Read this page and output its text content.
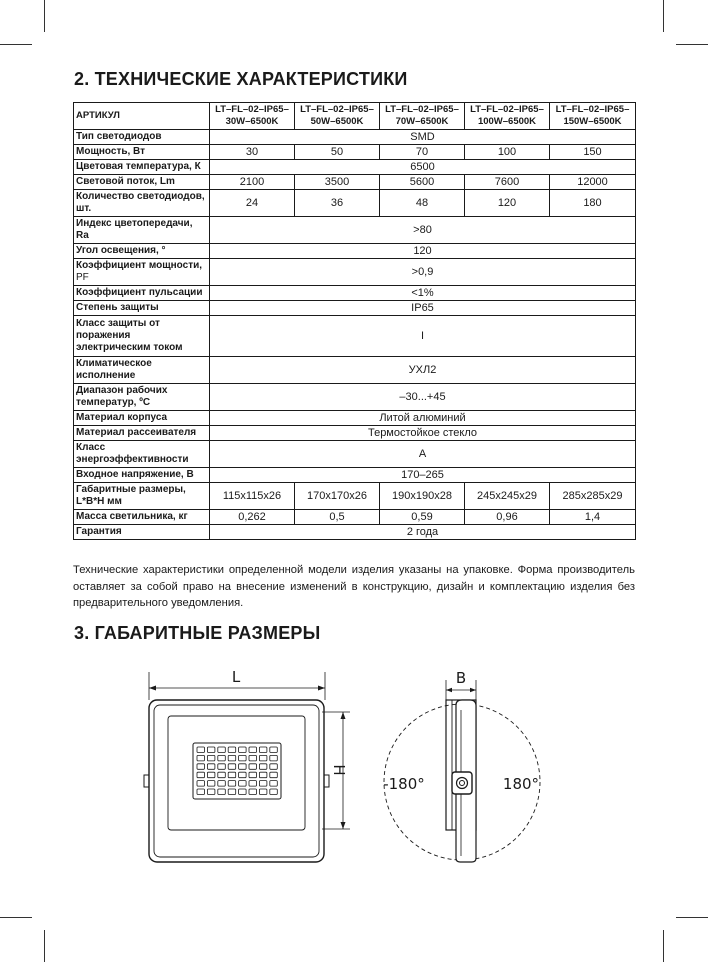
2. ТЕХНИЧЕСКИЕ ХАРАКТЕРИСТИКИ
АРТИКУЛ	LT–FL–02–IP65–30W–6500K	LT–FL–02–IP65–50W–6500K	LT–FL–02–IP65–70W–6500K	LT–FL–02–IP65–100W–6500K	LT–FL–02–IP65–150W–6500K
Тип светодиодов	SMD				
Мощность, Вт	30	50	70	100	150
Цветовая температура, К	6500				
Световой поток, Lm	2100	3500	5600	7600	12000
Количество светодиодов, шт.	24	36	48	120	180
Индекс цветопередачи, Ra	>80				
Угол освещения, °	120				
Коэффициент мощности, PF	>0,9				
Коэффициент пульсации	<1%				
Степень защиты	IP65				
Класс защиты от поражения электрическим током	I				
Климатическое исполнение	УХЛ2				
Диапазон рабочих температур, ºС	–30...+45				
Материал корпуса	Литой алюминий				
Материал рассеивателя	Термостойкое стекло				
Класс энергоэффективности	A				
Входное напряжение, В	170–265				
Габаритные размеры, L*B*H мм	115x115x26	170x170x26	190x190x28	245x245x29	285x285x29
Масса светильника, кг	0,262	0,5	0,59	0,96	1,4
Гарантия	2 года				

Технические характеристики определенной модели изделия указаны на упаковке. Форма производитель оставляет за собой право на внесение изменений в конструкцию, дизайн и комплектацию изделия без предварительного уведомления.

3. ГАБАРИТНЫЕ РАЗМЕРЫ
L
H
B
-180°	180°
